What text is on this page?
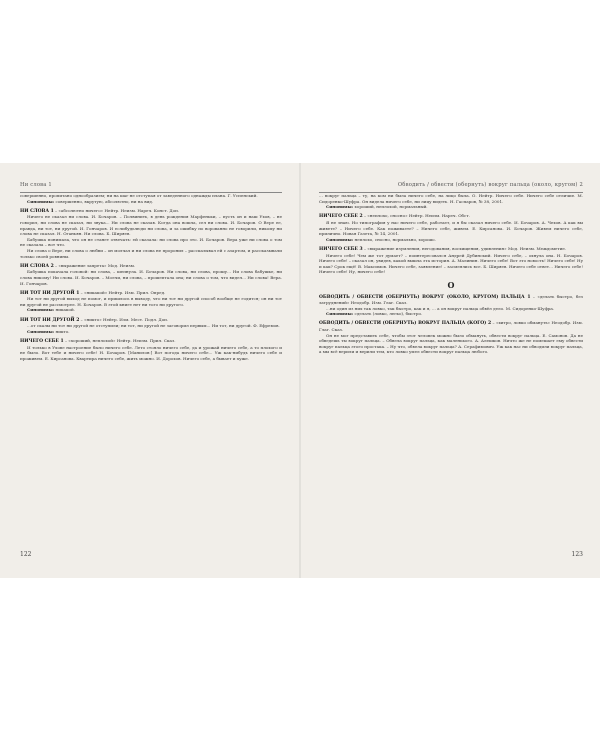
Ни слова 1

совершенно, пропитано однообразием; ни на шаг не отступая от заведенного однажды плана. Г. Успенский.

Синонимы: совершенно, вкрутую, абсолютно, ни на вид.

НИ СЛОВА 1 – «абсолютно ничего» Нейтр. Неизм. Нареч. Конст. Доп.

Ничего не сказал ни слова. И. Бочаров. – Полвинить, в день рождения Марфеньки, – пусть он и наш Ухов, – не говорил, ни слова не сказал, ни звука... Ни слова не сказав. Когда она вошла, сел ни слова. И. Бочаров. О Вере ее, правда, ни тот, ни другой. И. Гончаров. И еслибудьлюди ни слова, и за ошибку по ворованно не говорили, никому ни слова не сказал. Н. Оганьян. Ни слова. Б. Ширяев.

Бабушка понимала, что он не станет отвечать: ей сказала: ни слова про это. И. Бочаров. Вера уже ни слова о том не сказала – вот что.

Ни слова о Вере, ни слова о любви – он молчал и ни слова не проронил – рассказывал ей с азартом, и рассказывали только своей ровнины.

НИ СЛОВА 2 – «выражение запрета» Мод. Неизм.

Бабушка покачала головой: ни слова, – шепнула. И. Бочаров. Ни слова, ни слова, прошу... Ни слова бабушке, ни слова никому! Ни слова. И. Бочаров. – Молчи, ни слова, – прошептала она; ни слова о том, что видел... Ни слова! Вера. И. Гончаров.

НИ ТОТ НИ ДРУГОЙ 1 – «никакой» Нейтр. Изм. Прил. Опред.

Ни тот ни другой выход не помог, и пришлось в выводу, что ни тот ни другой способ вообще не годится; он ни тот ни другой не рассмотрел. Н. Бочаров. В этой книге нет ни того ни другого.

Синонимы: никакой.

НИ ТОТ НИ ДРУГОЙ 2 – «никто» Нейтр. Изм. Мест. Подл. Доп.

...от скалы ни тот ни другой не отступили; ни тот, ни другой не заговорил первым... Ни тот, ни другой. Ф. Ефремов.

Синонимы: никто.

НИЧЕГО СЕБЕ 1 – «хороший, неплохой» Нейтр. Неизм. Прил. Сказ.

И только в Ухове настроение было ничего себе. Лето стояло ничего себе, да и урожай ничего себе, а то плохого и не было. Вот тебе и ничего себе! Н. Бочаров. [Манилов:] Вот погода ничего себе... Уж как-нибудь ничего себе и проживем. Е. Кирсанова. Квартира ничего себе, жить можно. И. Дорохов. Ничего себе, а бывает и хуже.

122
Обводить / обвести (обернуть) вокруг пальца (около, кругом) 2

... вокруг пальца – ту, на ком ни была ничего себе, на лицо была. О. Нейтр. Ничего себе. Ничего себе отличие. М. Сидоренко-Шуфра. Он видела ничего себе, ни лицу видеть. Н. Гаспаров, № 38, 2001.

Синонимы: хороший, неплохой, нормальный.

НИЧЕГО СЕБЕ 2 – «неплохо, сносно» Нейтр. Неизм. Нареч. Обст.

Я не знаю. Но типография у нас ничего себе, работает, и я бы сказал ничего себе. И. Бочаров. А. Чехов. А как вы живете? – Ничего себе. Как поживаете? – Ничего себе, живем. Е. Кирсанова. И. Бочаров. Живем ничего себе, прилично. Новая Газета, № 14, 2001.

Синонимы: неплохо, сносно, нормально, хорошо.

НИЧЕГО СЕБЕ 3 – «выражение изумления, негодования, восхищения, удивления» Мод. Неизм. Междометие.

Ничего себе! Чем же тот думает? – поинтересовался Андрей Дубинский. Ничего себе, – охнула она. Н. Бочаров. Ничего себе! – сказал он, увидев, какой вышла эта история. А. Малинин. Ничего себе! Вот это новость! Ничего себе! Ну и как? Срок ещё! В. Максимов. Ничего себе, заявление! – засмеялись все. Б. Ширяев. Ничего себе ответ... Ничего себе! Ничего себе! Ну, ничего себе!

О

ОБВОДИТЬ / ОБВЕСТИ (ОБЕРНУТЬ) ВОКРУГ (ОКОЛО, КРУГОМ) ПАЛЬЦА 1 – «делать быстро, без затруднений» Неодобр. Изм. Глаг. Сказ.

...ни один из них так ловко, так быстро, как и я, ... а он вокруг пальца обвёл дело. М. Сидоренко-Шуфра.

Синонимы: сделать (ловко, легко), быстро.

ОБВОДИТЬ / ОБВЕСТИ (ОБЕРНУТЬ) ВОКРУГ ПАЛЬЦА (КОГО) 2 – «хитро, ловко обмануть» Неодобр. Изм. Глаг. Сказ.

Он не мог представить себе, чтобы этот человек можно было обмануть, обвести вокруг пальца. Е. Самонов. Да не обведешь ты вокруг пальца. – Обвела вокруг пальца, как маленького. А. Алешков. Ничто же не помешает ему обвести вокруг пальца этого простака. – Ну что, обвела вокруг пальца? А. Серафимович. Уж как нас ни обводили вокруг пальца, а мы всё верили и верили тем, кто ловко умел обвести вокруг пальца любого.

123
